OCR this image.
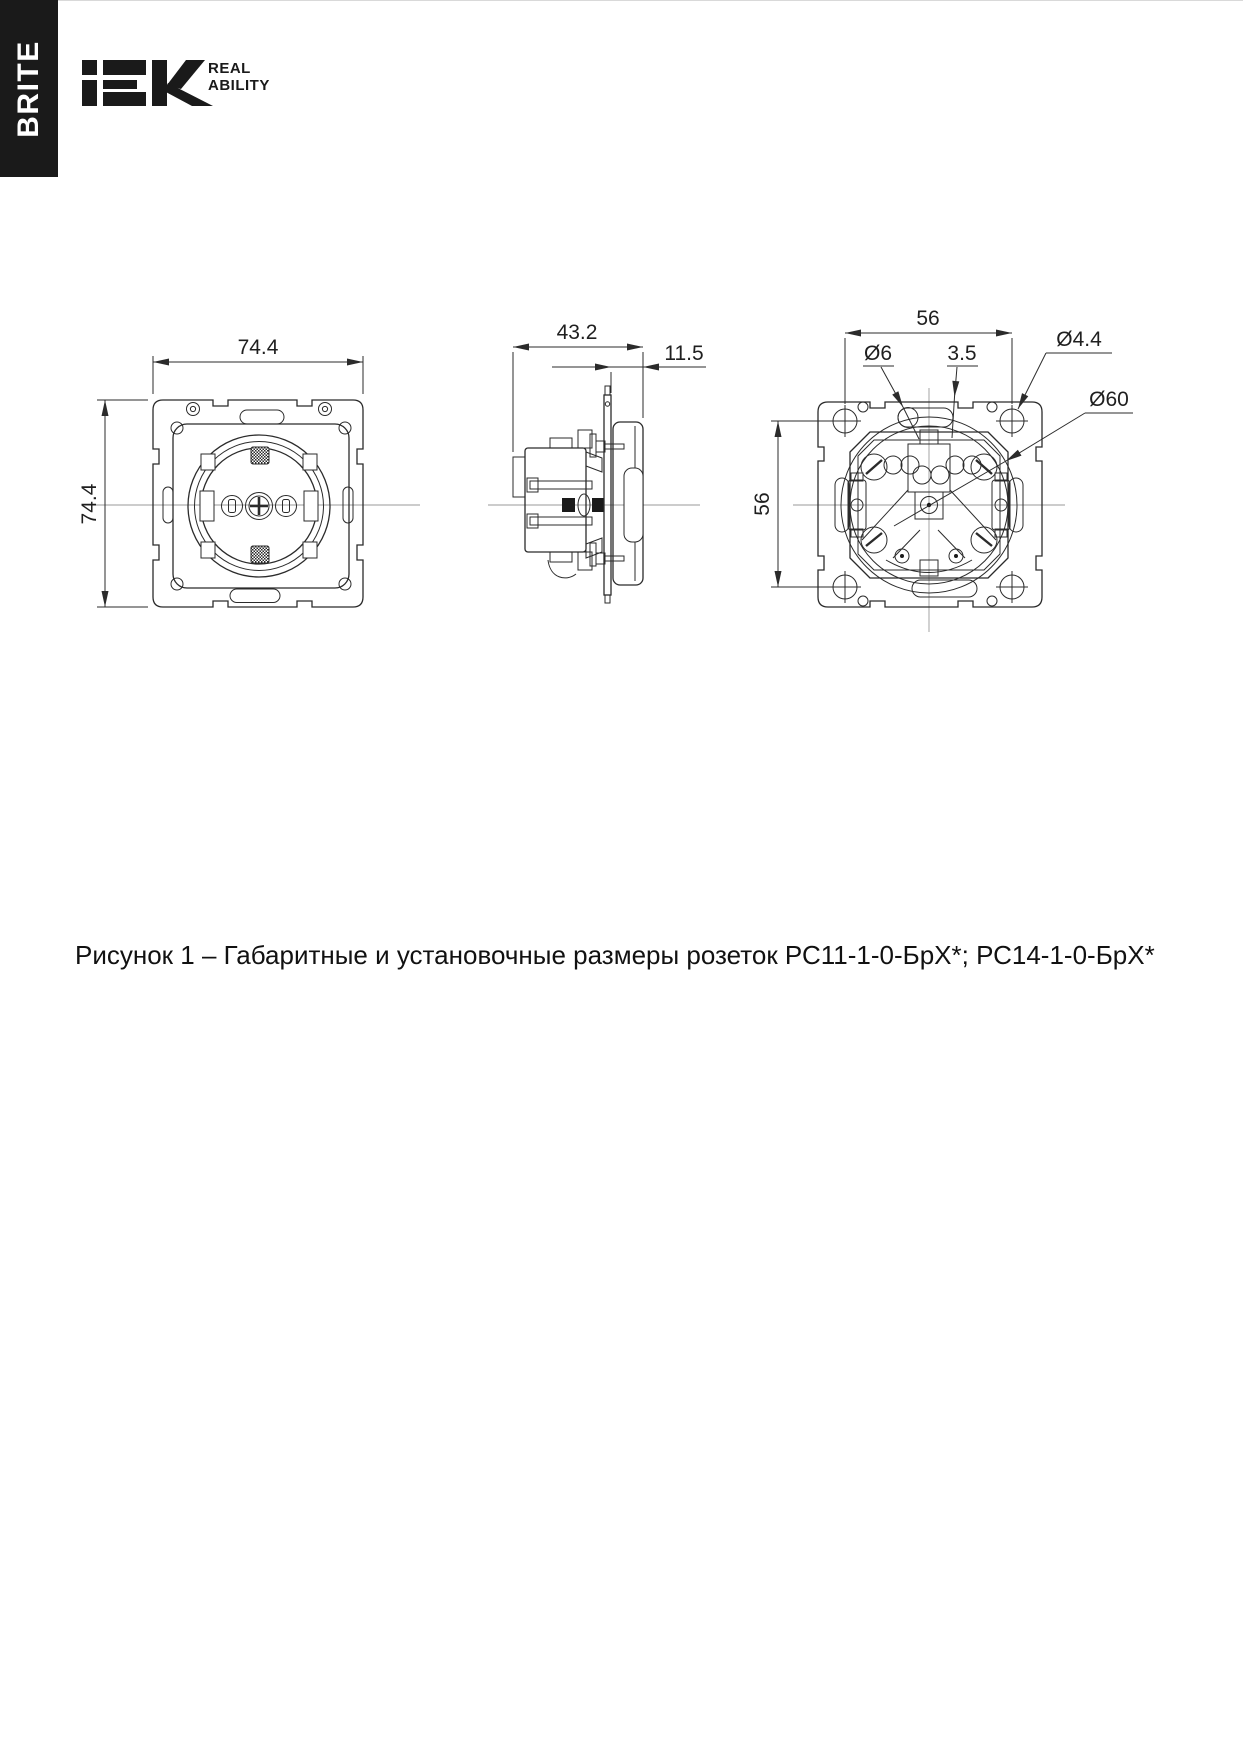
BRITE	REAL
ABILITY
74.4
74.4
43.2
11.5
56
56
Ø6	3.5
Ø4.4
Ø60
Рисунок 1 – Габаритные и установочные размеры розеток РС11-1-0-БрХ*; РС14-1-0-БрХ*
